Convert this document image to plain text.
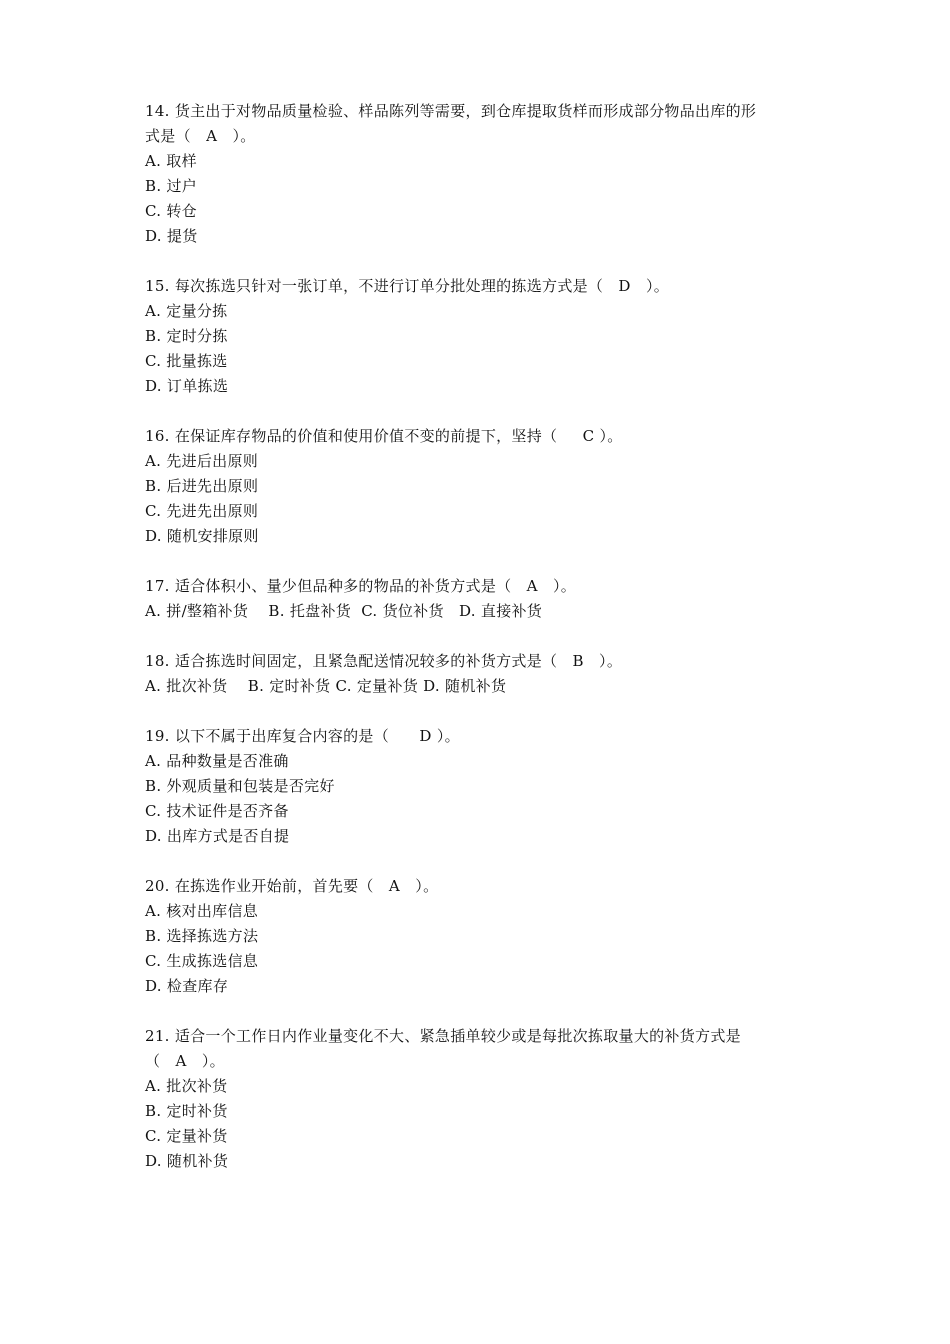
14. 货主出于对物品质量检验、样品陈列等需要，到仓库提取货样而形成部分物品出库的形
式是（   A   ）。
A. 取样
B. 过户
C. 转仓
D. 提货
15. 每次拣选只针对一张订单，不进行订单分批处理的拣选方式是（   D   ）。
A. 定量分拣
B. 定时分拣
C. 批量拣选
D. 订单拣选
16. 在保证库存物品的价值和使用价值不变的前提下，坚持（     C ）。
A. 先进后出原则
B. 后进先出原则
C. 先进先出原则
D. 随机安排原则
17. 适合体积小、量少但品种多的物品的补货方式是（   A   ）。
A. 拼/整箱补货    B. 托盘补货  C. 货位补货   D. 直接补货
18. 适合拣选时间固定，且紧急配送情况较多的补货方式是（   B   ）。
A. 批次补货    B. 定时补货 C. 定量补货 D. 随机补货
19. 以下不属于出库复合内容的是（      D ）。
A. 品种数量是否准确
B. 外观质量和包装是否完好
C. 技术证件是否齐备
D. 出库方式是否自提
20. 在拣选作业开始前，首先要（   A   ）。
A. 核对出库信息
B. 选择拣选方法
C. 生成拣选信息
D. 检查库存
21. 适合一个工作日内作业量变化不大、紧急插单较少或是每批次拣取量大的补货方式是
（   A   ）。
A. 批次补货
B. 定时补货
C. 定量补货
D. 随机补货
